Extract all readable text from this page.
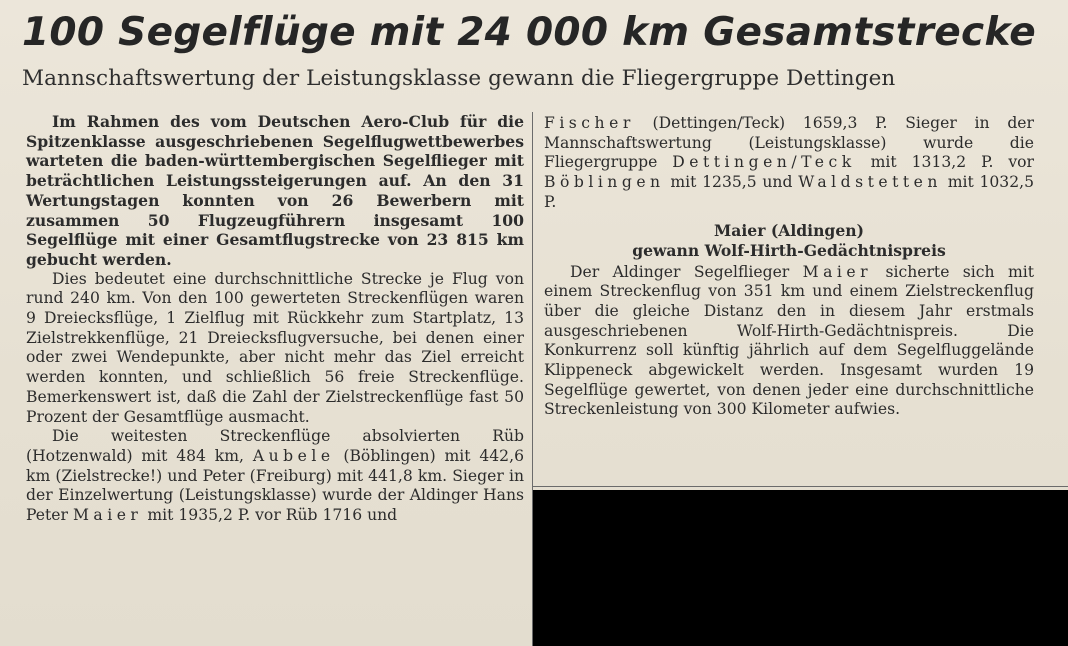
100 Segelflüge mit 24 000 km Gesamtstrecke
Mannschaftswertung der Leistungsklasse gewann die Fliegergruppe Dettingen

Im Rahmen des vom Deutschen Aero-Club für die Spitzenklasse ausgeschriebenen Segelflugwettbewerbes warteten die baden-württembergischen Segelflieger mit beträchtlichen Leistungssteigerungen auf. An den 31 Wertungstagen konnten von 26 Bewerbern mit zusammen 50 Flugzeugführern insgesamt 100 Segelflüge mit einer Gesamtflugstrecke von 23 815 km gebucht werden.

Dies bedeutet eine durchschnittliche Strecke je Flug von rund 240 km. Von den 100 gewerteten Streckenflügen waren 9 Dreiecksflüge, 1 Zielflug mit Rückkehr zum Startplatz, 13 Zielstrekkenflüge, 21 Dreiecksflugversuche, bei denen einer oder zwei Wendepunkte, aber nicht mehr das Ziel erreicht werden konnten, und schließlich 56 freie Streckenflüge. Bemerkenswert ist, daß die Zahl der Zielstreckenflüge fast 50 Prozent der Gesamtflüge ausmacht.

Die weitesten Streckenflüge absolvierten Rüb (Hotzenwald) mit 484 km, Aubele (Böblingen) mit 442,6 km (Zielstrecke!) und Peter (Freiburg) mit 441,8 km. Sieger in der Einzelwertung (Leistungsklasse) wurde der Aldinger Hans Peter Maier mit 1935,2 P. vor Rüb 1716 und

Fischer (Dettingen/Teck) 1659,3 P. Sieger in der Mannschaftswertung (Leistungsklasse) wurde die Fliegergruppe Dettingen/Teck mit 1313,2 P. vor Böblingen mit 1235,5 und Waldstetten mit 1032,5 P.

Maier (Aldingen)
gewann Wolf-Hirth-Gedächtnispreis

Der Aldinger Segelflieger Maier sicherte sich mit einem Streckenflug von 351 km und einem Zielstreckenflug über die gleiche Distanz den in diesem Jahr erstmals ausgeschriebenen Wolf-Hirth-Gedächtnispreis. Die Konkurrenz soll künftig jährlich auf dem Segelfluggelände Klippeneck abgewickelt werden. Insgesamt wurden 19 Segelflüge gewertet, von denen jeder eine durchschnittliche Streckenleistung von 300 Kilometer aufwies.
